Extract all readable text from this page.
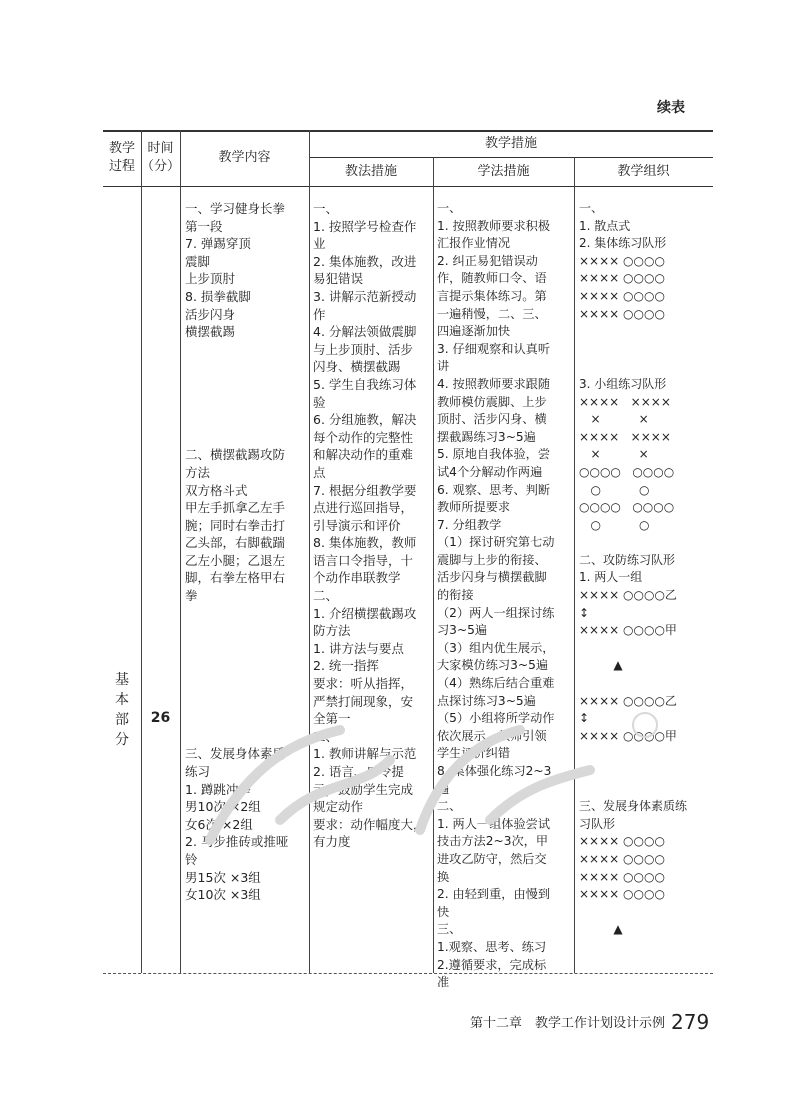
续表
教学
过程
时间
（分）
教学内容
教学措施
教法措施	学法措施	教学组织
基
本
部
分
26
一、学习健身长拳
第一段
7. 弹踢穿顶
震脚
上步顶肘
8. 损拳截脚
活步闪身
横摆截踢

二、横摆截踢攻防
方法
双方格斗式
甲左手抓拿乙左手
腕；同时右拳击打
乙头部，右脚截踹
乙左小腿；乙退左
脚，右拳左格甲右
拳

三、发展身体素质
练习
1. 蹲跳冲拳
男10次 ×2组
女6次 ×2组
2. 马步推砖或推哑
铃
男15次 ×3组
女10次 ×3组
一、
1. 按照学号检查作
业
2. 集体施教，改进
易犯错误
3. 讲解示范新授动
作
4. 分解法领做震脚
与上步顶肘、活步
闪身、横摆截踢
5. 学生自我练习体
验
6. 分组施教，解决
每个动作的完整性
和解决动作的重难
点
7. 根据分组教学要
点进行巡回指导，
引导演示和评价
8. 集体施教，教师
语言口令指导，十
个动作串联教学
二、
1. 介绍横摆截踢攻
防方法
1. 讲方法与要点
2. 统一指挥
要求：听从指挥，
严禁打闹现象，安
全第一
三、
1. 教师讲解与示范
2. 语言、口令提
示，鼓励学生完成
规定动作
要求：动作幅度大，
有力度
一、
1. 按照教师要求积极
汇报作业情况
2. 纠正易犯错误动
作，随教师口令、语
言提示集体练习。第
一遍稍慢，二、三、
四遍逐渐加快
3. 仔细观察和认真听
讲
4. 按照教师要求跟随
教师模仿震脚、上步
顶肘、活步闪身、横
摆截踢练习3~5遍
5. 原地自我体验，尝
试4个分解动作两遍
6. 观察、思考、判断
教师所提要求
7. 分组教学
（1）探讨研究第七动
震脚与上步的衔接、
活步闪身与横摆截脚
的衔接
（2）两人一组探讨练
习3~5遍
（3）组内优生展示，
大家模仿练习3~5遍
（4）熟练后结合重难
点探讨练习3~5遍
（5）小组将所学动作
依次展示，教师引领
学生评价纠错
8. 集体强化练习2~3
遍
二、
1. 两人一组体验尝试
技击方法2~3次，甲
进攻乙防守，然后交
换
2. 由轻到重，由慢到
快
三、
1.观察、思考、练习
2.遵循要求，完成标
准
一、
1. 散点式
2. 集体练习队形
×××× ○○○○
×××× ○○○○
×××× ○○○○
×××× ○○○○

3. 小组练习队形
××××   ××××
×          ×
××××   ××××
×          ×
○○○○   ○○○○
○          ○
○○○○   ○○○○
○          ○

二、攻防练习队形
1. 两人一组
×××× ○○○○乙
↕
×××× ○○○○甲

▲

×××× ○○○○乙
↕
×××× ○○○○甲

三、发展身体素质练
习队形
×××× ○○○○
×××× ○○○○
×××× ○○○○
×××× ○○○○

▲
第十二章　教学工作计划设计示例 279
